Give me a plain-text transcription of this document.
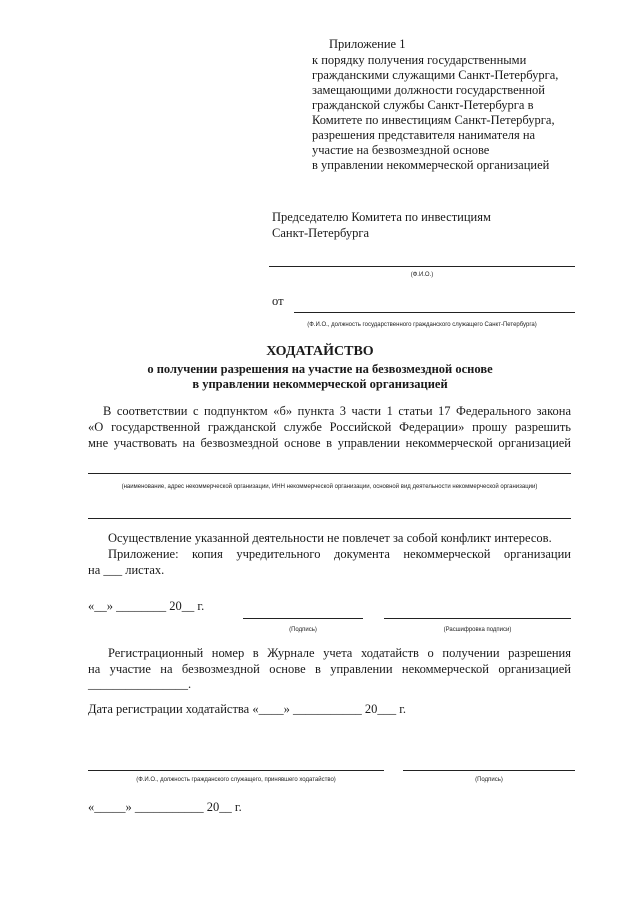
Приложение 1
к порядку получения государственными
гражданскими служащими Санкт-Петербурга,
замещающими должности государственной
гражданской службы Санкт-Петербурга в
Комитете по инвестициям Санкт-Петербурга,
разрешения представителя нанимателя на
участие на безвозмездной основе
в управлении некоммерческой организацией
Председателю Комитета по инвестициям
Санкт-Петербурга
(Ф.И.О.)
от
(Ф.И.О., должность государственного гражданского служащего Санкт-Петербурга)
ХОДАТАЙСТВО
о получении разрешения на участие на безвозмездной основе
в управлении некоммерческой организацией
В соответствии с подпунктом «б» пункта 3 части 1 статьи 17 Федерального закона
«О государственной гражданской службе Российской Федерации» прошу разрешить
мне участвовать на безвозмездной основе в управлении некоммерческой организацией
(наименование, адрес некоммерческой организации, ИНН некоммерческой организации, основной вид деятельности некоммерческой организации)
Осуществление указанной деятельности не повлечет за собой конфликт интересов.
Приложение: копия учредительного документа некоммерческой организации
на ___ листах.
«__» ________ 20__ г.
(Подпись)	(Расшифровка подписи)
Регистрационный номер в Журнале учета ходатайств о получении разрешения
на участие на безвозмездной основе в управлении некоммерческой организацией
________________.
Дата регистрации ходатайства «____» ___________ 20___ г.
(Ф.И.О., должность гражданского служащего, принявшего ходатайство)	(Подпись)
«_____» ___________ 20__ г.
